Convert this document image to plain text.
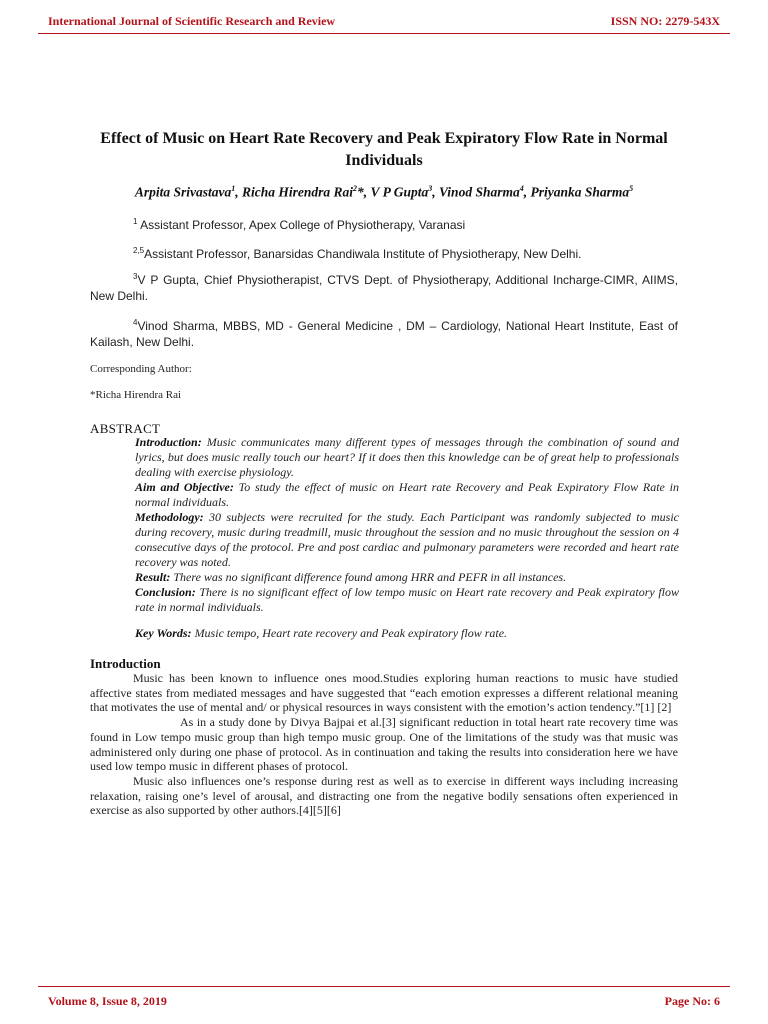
International Journal of Scientific Research and Review	ISSN NO: 2279-543X
Effect of Music on Heart Rate Recovery and Peak Expiratory Flow Rate in Normal Individuals
Arpita Srivastava$^1$, Richa Hirendra Rai$^2$*, V P Gupta$^3$, Vinod Sharma$^4$, Priyanka Sharma$^5$
$^1$ Assistant Professor, Apex College of Physiotherapy, Varanasi
$^{2,5}$Assistant Professor, Banarsidas Chandiwala Institute of Physiotherapy, New Delhi.
$^3$V P Gupta, Chief Physiotherapist, CTVS Dept. of Physiotherapy, Additional Incharge-CIMR, AIIMS, New Delhi.
$^4$Vinod Sharma, MBBS, MD - General Medicine , DM – Cardiology, National Heart Institute, East of Kailash, New Delhi.
Corresponding Author:
*Richa Hirendra Rai
ABSTRACT

Introduction: Music communicates many different types of messages through the combination of sound and lyrics, but does music really touch our heart? If it does then this knowledge can be of great help to professionals dealing with exercise physiology.

Aim and Objective: To study the effect of music on Heart rate Recovery and Peak Expiratory Flow Rate in normal individuals.

Methodology: 30 subjects were recruited for the study. Each Participant was randomly subjected to music during recovery, music during treadmill, music throughout the session and no music throughout the session on 4 consecutive days of the protocol. Pre and post cardiac and pulmonary parameters were recorded and heart rate recovery was noted.

Result: There was no significant difference found among HRR and PEFR in all instances.

Conclusion: There is no significant effect of low tempo music on Heart rate recovery and Peak expiratory flow rate in normal individuals.

Key Words: Music tempo, Heart rate recovery and Peak expiratory flow rate.

Introduction

Music has been known to influence ones mood.Studies exploring human reactions to music have studied affective states from mediated messages and have suggested that “each emotion expresses a different relational meaning that motivates the use of mental and/ or physical resources in ways consistent with the emotion’s action tendency.”[1] [2]

As in a study done by Divya Bajpai et al.[3] significant reduction in total heart rate recovery time was found in Low tempo music group than high tempo music group. One of the limitations of the study was that music was administered only during one phase of protocol. As in continuation and taking the results into consideration here we have used low tempo music in different phases of protocol.

Music also influences one’s response during rest as well as to exercise in different ways including increasing relaxation, raising one’s level of arousal, and distracting one from the negative bodily sensations often experienced in exercise as also supported by other authors.[4][5][6]

Volume 8, Issue 8, 2019	Page No: 6
